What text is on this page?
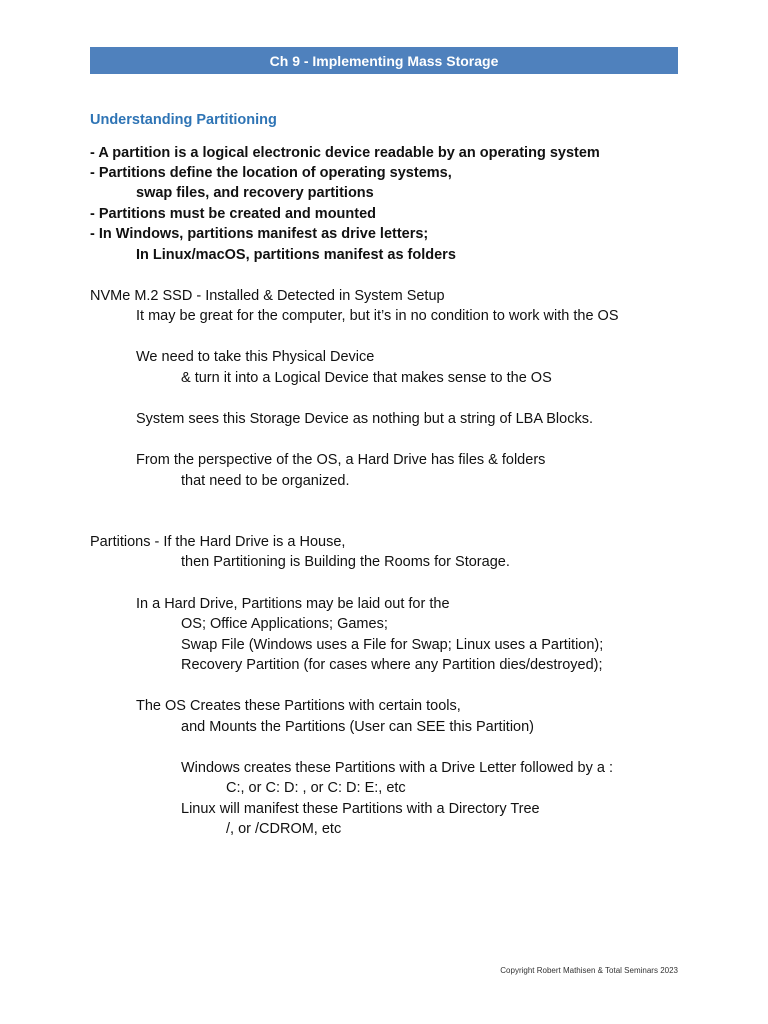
Ch 9 - Implementing Mass Storage
Understanding Partitioning
- A partition is a logical electronic device readable by an operating system
- Partitions define the location of operating systems,
swap files, and recovery partitions
- Partitions must be created and mounted
- In Windows, partitions manifest as drive letters;
In Linux/macOS, partitions manifest as folders
NVMe M.2 SSD - Installed & Detected in System Setup
It may be great for the computer, but it’s in no condition to work with the OS
We need to take this Physical Device
& turn it into a Logical Device that makes sense to the OS
System sees this Storage Device as nothing but a string of LBA Blocks.
From the perspective of the OS, a Hard Drive has files & folders
that need to be organized.
Partitions - If the Hard Drive is a House,
then Partitioning is Building the Rooms for Storage.
In a Hard Drive, Partitions may be laid out for the
OS; Office Applications; Games;
Swap File (Windows uses a File for Swap; Linux uses a Partition);
Recovery Partition (for cases where any Partition dies/destroyed);
The OS Creates these Partitions with certain tools,
and Mounts the Partitions (User can SEE this Partition)
Windows creates these Partitions with a Drive Letter followed by a :
C:, or C: D: , or C: D: E:, etc
Linux will manifest these Partitions with a Directory Tree
/, or /CDROM, etc
Copyright Robert Mathisen & Total Seminars 2023
